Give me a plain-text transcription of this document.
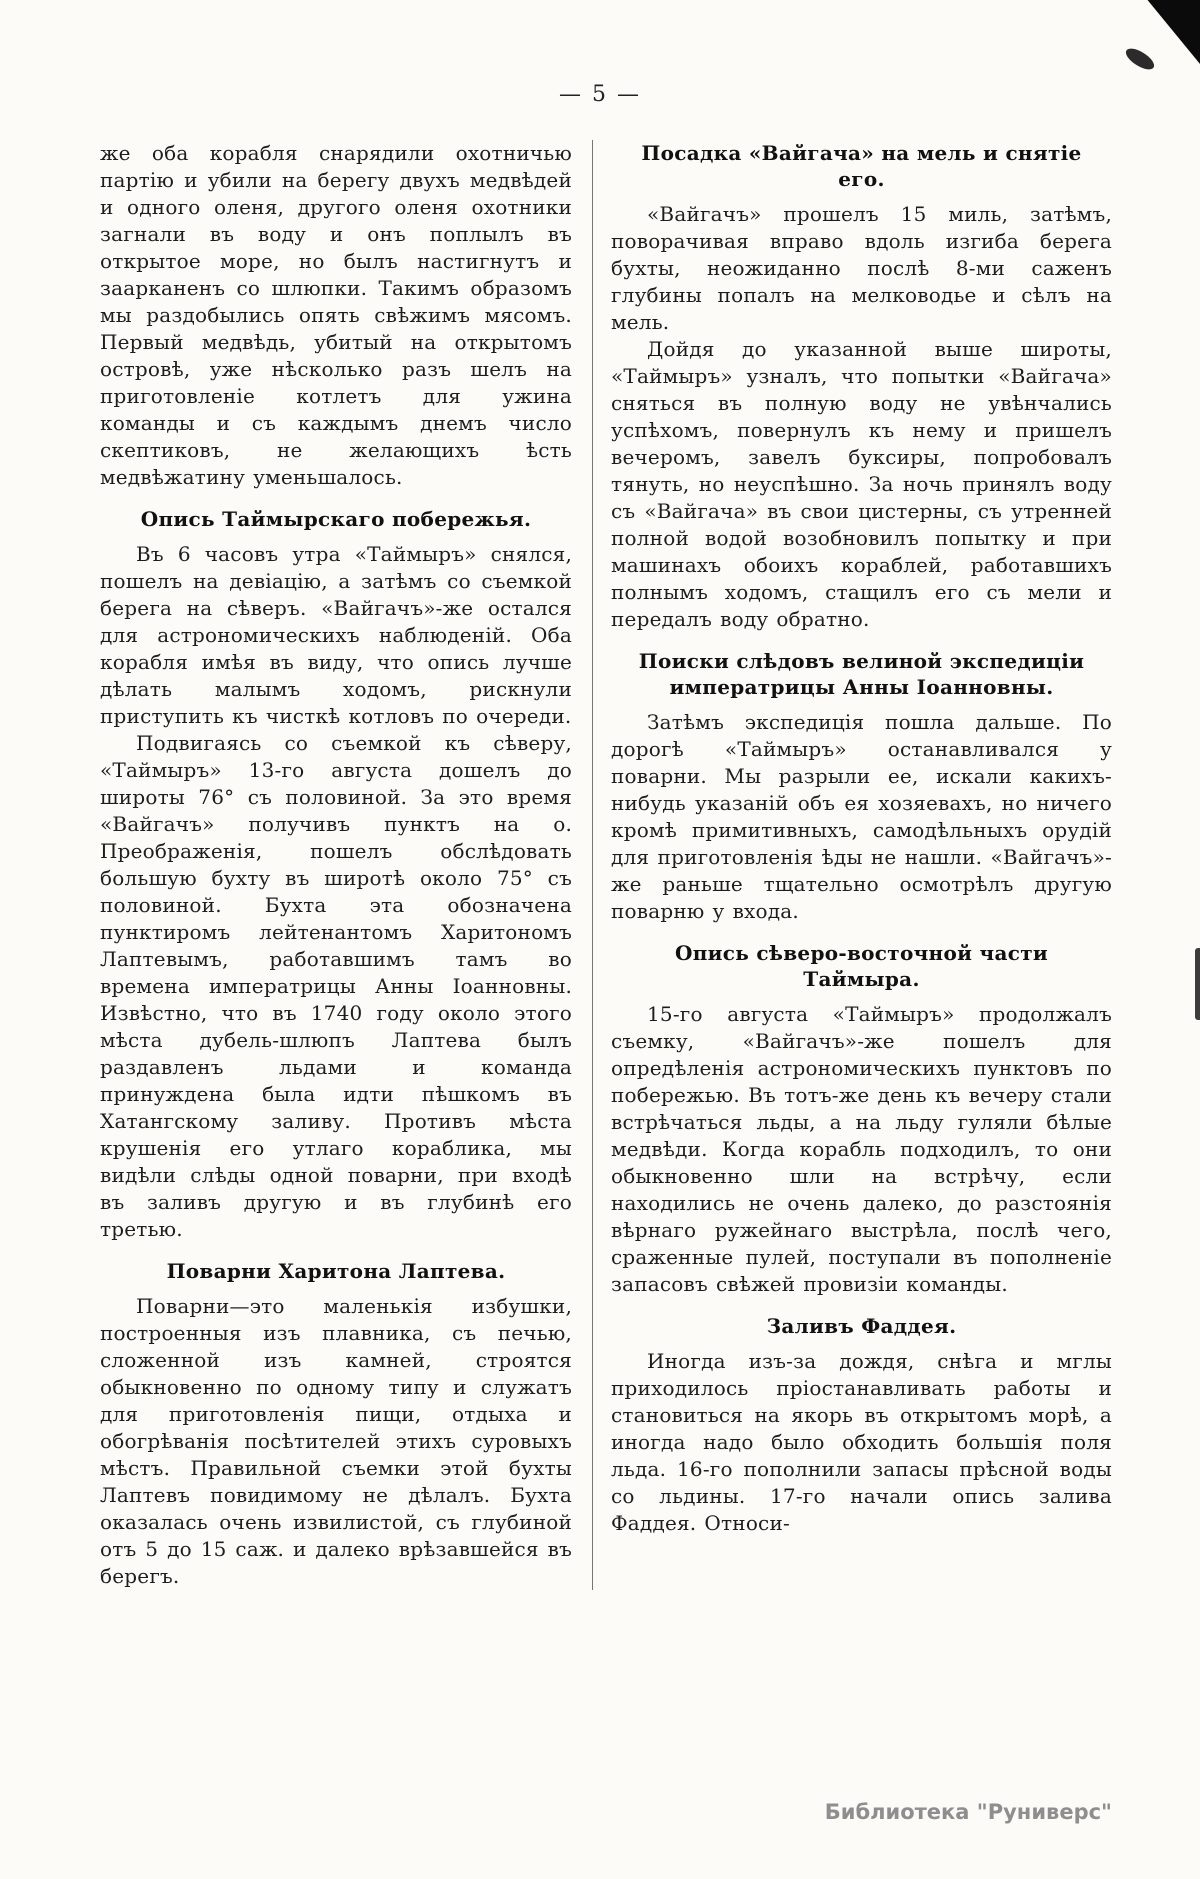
— 5 —

же оба корабля снарядили охотничью партію и убили на берегу двухъ медвѣдей и одного оленя, другого оленя охотники загнали въ воду и онъ поплылъ въ открытое море, но былъ настигнутъ и заарканенъ со шлюпки. Такимъ образомъ мы раздобылись опять свѣжимъ мясомъ. Первый медвѣдь, убитый на открытомъ островѣ, уже нѣсколько разъ шелъ на приготовленіе котлетъ для ужина команды и съ каждымъ днемъ число скептиковъ, не желающихъ ѣсть медвѣжатину уменьшалось.

Опись Таймырскаго побережья.

Въ 6 часовъ утра «Таймыръ» снялся, пошелъ на девіацію, а затѣмъ со съемкой берега на сѣверъ. «Вайгачъ»-же остался для астрономическихъ наблюденій. Оба корабля имѣя въ виду, что опись лучше дѣлать малымъ ходомъ, рискнули приступить къ чисткѣ котловъ по очереди.

Подвигаясь со съемкой къ сѣверу, «Таймыръ» 13-го августа дошелъ до широты 76° съ половиной. За это время «Вайгачъ» получивъ пунктъ на о. Преображенія, пошелъ обслѣдовать большую бухту въ широтѣ около 75° съ половиной. Бухта эта обозначена пунктиромъ лейтенантомъ Харитономъ Лаптевымъ, работавшимъ тамъ во времена императрицы Анны Іоанновны. Извѣстно, что въ 1740 году около этого мѣста дубель-шлюпъ Лаптева былъ раздавленъ льдами и команда принуждена была идти пѣшкомъ въ Хатангскому заливу. Противъ мѣста крушенія его утлаго кораблика, мы видѣли слѣды одной поварни, при входѣ въ заливъ другую и въ глубинѣ его третью.

Поварни Харитона Лаптева.

Поварни—это маленькія избушки, построенныя изъ плавника, съ печью, сложенной изъ камней, строятся обыкновенно по одному типу и служатъ для приготовленія пищи, отдыха и обогрѣванія посѣтителей этихъ суровыхъ мѣстъ. Правильной съемки этой бухты Лаптевъ повидимому не дѣлалъ. Бухта оказалась очень извилистой, съ глубиной отъ 5 до 15 саж. и далеко врѣзавшейся въ берегъ.

Посадка «Вайгача» на мель и снятіе его.

«Вайгачъ» прошелъ 15 миль, затѣмъ, поворачивая вправо вдоль изгиба берега бухты, неожиданно послѣ 8-ми саженъ глубины попалъ на мелководье и сѣлъ на мель.

Дойдя до указанной выше широты, «Таймыръ» узналъ, что попытки «Вайгача» сняться въ полную воду не увѣнчались успѣхомъ, повернулъ къ нему и пришелъ вечеромъ, завелъ буксиры, попробовалъ тянуть, но неуспѣшно. За ночь принялъ воду съ «Вайгача» въ свои цистерны, съ утренней полной водой возобновилъ попытку и при машинахъ обоихъ кораблей, работавшихъ полнымъ ходомъ, стащилъ его съ мели и передалъ воду обратно.

Поиски слѣдовъ велиной экспедиціи императрицы Анны Іоанновны.

Затѣмъ экспедиція пошла дальше. По дорогѣ «Таймыръ» останавливался у поварни. Мы разрыли ее, искали какихъ-нибудь указаній объ ея хозяевахъ, но ничего кромѣ примитивныхъ, самодѣльныхъ орудій для приготовленія ѣды не нашли. «Вайгачъ»-же раньше тщательно осмотрѣлъ другую поварню у входа.

Опись сѣверо-восточной части Таймыра.

15-го августа «Таймыръ» продолжалъ съемку, «Вайгачъ»-же пошелъ для опредѣленія астрономическихъ пунктовъ по побережью. Въ тотъ-же день къ вечеру стали встрѣчаться льды, а на льду гуляли бѣлые медвѣди. Когда корабль подходилъ, то они обыкновенно шли на встрѣчу, если находились не очень далеко, до разстоянія вѣрнаго ружейнаго выстрѣла, послѣ чего, сраженные пулей, поступали въ пополненіе запасовъ свѣжей провизіи команды.

Заливъ Фаддея.

Иногда изъ-за дождя, снѣга и мглы приходилось пріостанавливать работы и становиться на якорь въ открытомъ морѣ, а иногда надо было обходить большія поля льда. 16-го пополнили запасы прѣсной воды со льдины. 17-го начали опись залива Фаддея. Относи-

Библиотека "Руниверс"
